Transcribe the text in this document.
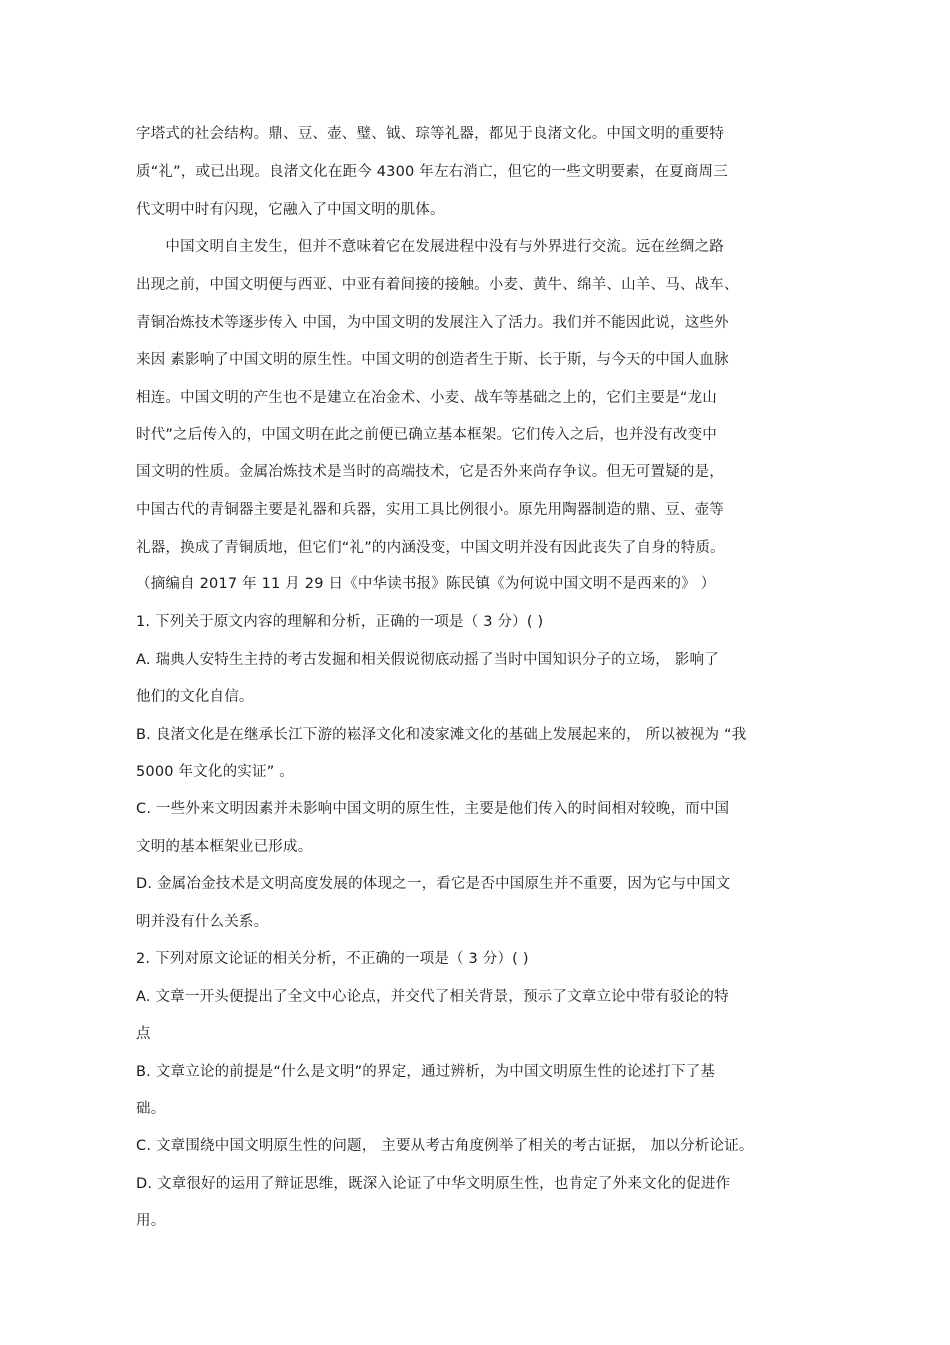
字塔式的社会结构。鼎、豆、壶、璧、钺、琮等礼器，都见于良渚文化。中国文明的重要特
质“礼”，或已出现。良渚文化在距今 4300 年左右消亡，但它的一些文明要素，在夏商周三
代文明中时有闪现，它融入了中国文明的肌体。
　　中国文明自主发生，但并不意味着它在发展进程中没有与外界进行交流。远在丝绸之路
出现之前，中国文明便与西亚、中亚有着间接的接触。小麦、黄牛、绵羊、山羊、马、战车、
青铜冶炼技术等逐步传入 中国，为中国文明的发展注入了活力。我们并不能因此说，这些外
来因 素影响了中国文明的原生性。中国文明的创造者生于斯、长于斯，与今天的中国人血脉
相连。中国文明的产生也不是建立在冶金术、小麦、战车等基础之上的，它们主要是“龙山
时代”之后传入的，中国文明在此之前便已确立基本框架。它们传入之后，也并没有改变中
国文明的性质。金属冶炼技术是当时的高端技术，它是否外来尚存争议。但无可置疑的是，
中国古代的青铜器主要是礼器和兵器，实用工具比例很小。原先用陶器制造的鼎、豆、壶等
礼器，换成了青铜质地，但它们“礼”的内涵没变，中国文明并没有因此丧失了自身的特质。
（摘编自 2017 年 11 月 29 日《中华读书报》陈民镇《为何说中国文明不是西来的》 ）
1. 下列关于原文内容的理解和分析，正确的一项是（ 3 分）( )
A. 瑞典人安特生主持的考古发掘和相关假说彻底动摇了当时中国知识分子的立场， 影响了
他们的文化自信。
B. 良渚文化是在继承长江下游的崧泽文化和凌家滩文化的基础上发展起来的， 所以被视为 “我
5000 年文化的实证” 。
C. 一些外来文明因素并未影响中国文明的原生性，主要是他们传入的时间相对较晚，而中国
文明的基本框架业已形成。
D. 金属冶金技术是文明高度发展的体现之一，看它是否中国原生并不重要，因为它与中国文
明并没有什么关系。
2. 下列对原文论证的相关分析，不正确的一项是（ 3 分）( )
A. 文章一开头便提出了全文中心论点，并交代了相关背景，预示了文章立论中带有驳论的特
点
B. 文章立论的前提是“什么是文明”的界定，通过辨析，为中国文明原生性的论述打下了基
础。
C. 文章围绕中国文明原生性的问题， 主要从考古角度例举了相关的考古证据， 加以分析论证。
D. 文章很好的运用了辩证思维，既深入论证了中华文明原生性，也肯定了外来文化的促进作
用。
